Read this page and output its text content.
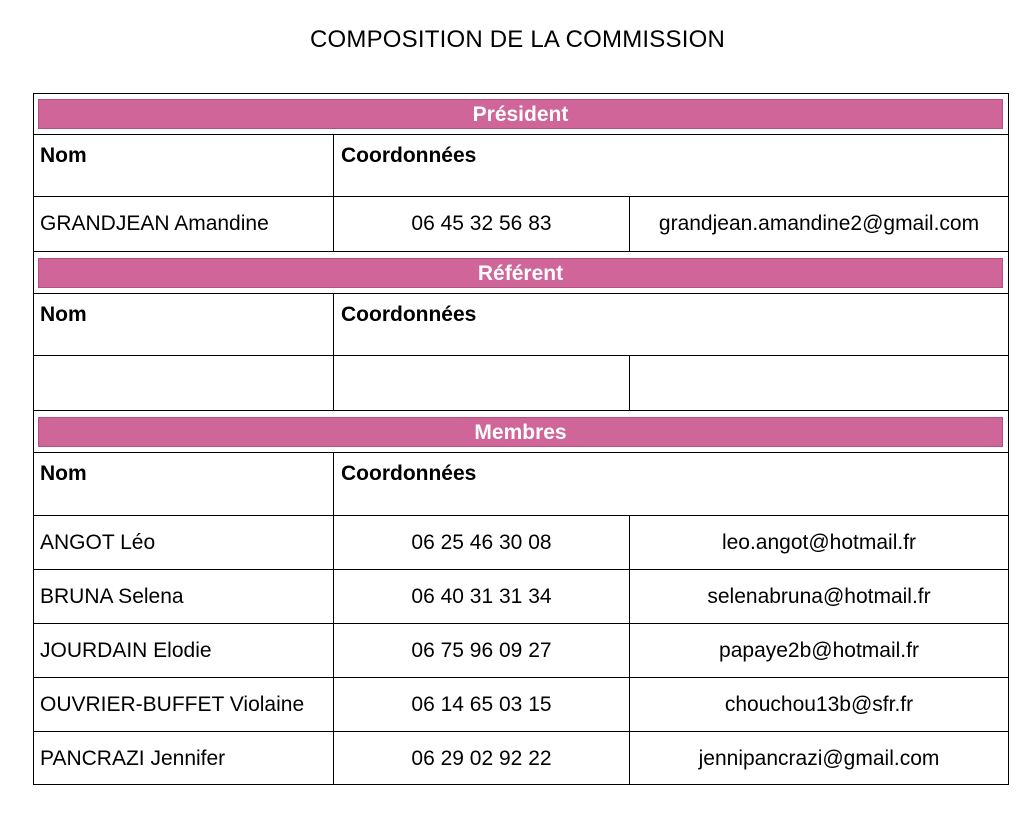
COMPOSITION DE LA COMMISSION
Président
Nom	Coordonnées
GRANDJEAN Amandine	06 45 32 56 83	grandjean.amandine2@gmail.com
Référent
Nom	Coordonnées
Membres
Nom	Coordonnées
ANGOT Léo	06 25 46 30 08	leo.angot@hotmail.fr
BRUNA Selena	06 40 31 31 34	selenabruna@hotmail.fr
JOURDAIN Elodie	06 75 96 09 27	papaye2b@hotmail.fr
OUVRIER-BUFFET Violaine	06 14 65 03 15	chouchou13b@sfr.fr
PANCRAZI Jennifer	06 29 02 92 22	jennipancrazi@gmail.com
